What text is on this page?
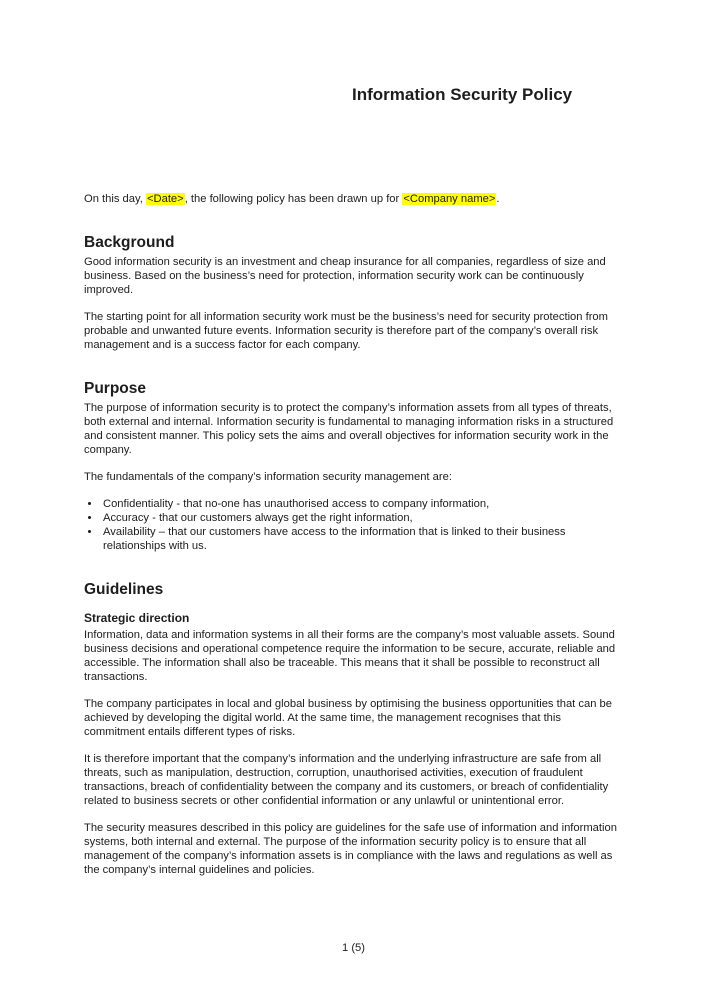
Information Security Policy

On this day, <Date>, the following policy has been drawn up for <Company name>.

Background

Good information security is an investment and cheap insurance for all companies, regardless of size and business. Based on the business’s need for protection, information security work can be continuously improved.

The starting point for all information security work must be the business’s need for security protection from probable and unwanted future events. Information security is therefore part of the company’s overall risk management and is a success factor for each company.

Purpose

The purpose of information security is to protect the company’s information assets from all types of threats, both external and internal. Information security is fundamental to managing information risks in a structured and consistent manner. This policy sets the aims and overall objectives for information security work in the company.

The fundamentals of the company’s information security management are:

• Confidentiality - that no-one has unauthorised access to company information,
• Accuracy - that our customers always get the right information,
• Availability – that our customers have access to the information that is linked to their business relationships with us.
Guidelines
Strategic direction

Information, data and information systems in all their forms are the company’s most valuable assets. Sound business decisions and operational competence require the information to be secure, accurate, reliable and accessible. The information shall also be traceable. This means that it shall be possible to reconstruct all transactions.

The company participates in local and global business by optimising the business opportunities that can be achieved by developing the digital world. At the same time, the management recognises that this commitment entails different types of risks.

It is therefore important that the company’s information and the underlying infrastructure are safe from all threats, such as manipulation, destruction, corruption, unauthorised activities, execution of fraudulent transactions, breach of confidentiality between the company and its customers, or breach of confidentiality related to business secrets or other confidential information or any unlawful or unintentional error.

The security measures described in this policy are guidelines for the safe use of information and information systems, both internal and external. The purpose of the information security policy is to ensure that all management of the company’s information assets is in compliance with the laws and regulations as well as the company’s internal guidelines and policies.

1 (5)
